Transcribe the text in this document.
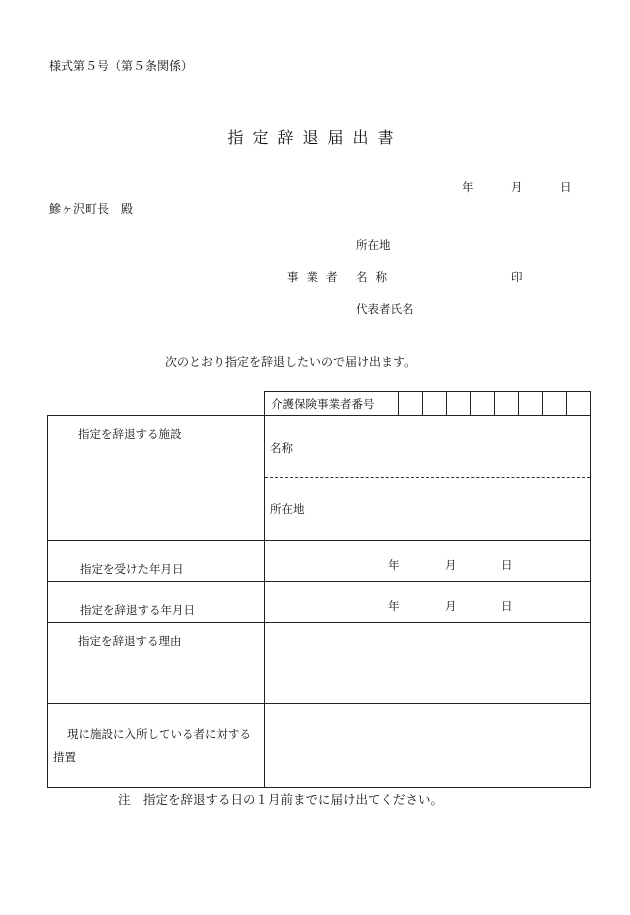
様式第５号（第５条関係）
指定辞退届出書
年	月	日
鰺ヶ沢町長　殿
所在地
事業者 名称	印
代表者氏名
次のとおり指定を辞退したいので届け出ます。
	介護保険事業者番号								
指定を辞退する施設	名称
所在地								

指定を受けた年月日	年 月 日								

指定を辞退する年月日	年 月 日								

指定を辞退する理由									

現に施設に入所している者に対する
措置									

注　指定を辞退する日の１月前までに届け出てください。
